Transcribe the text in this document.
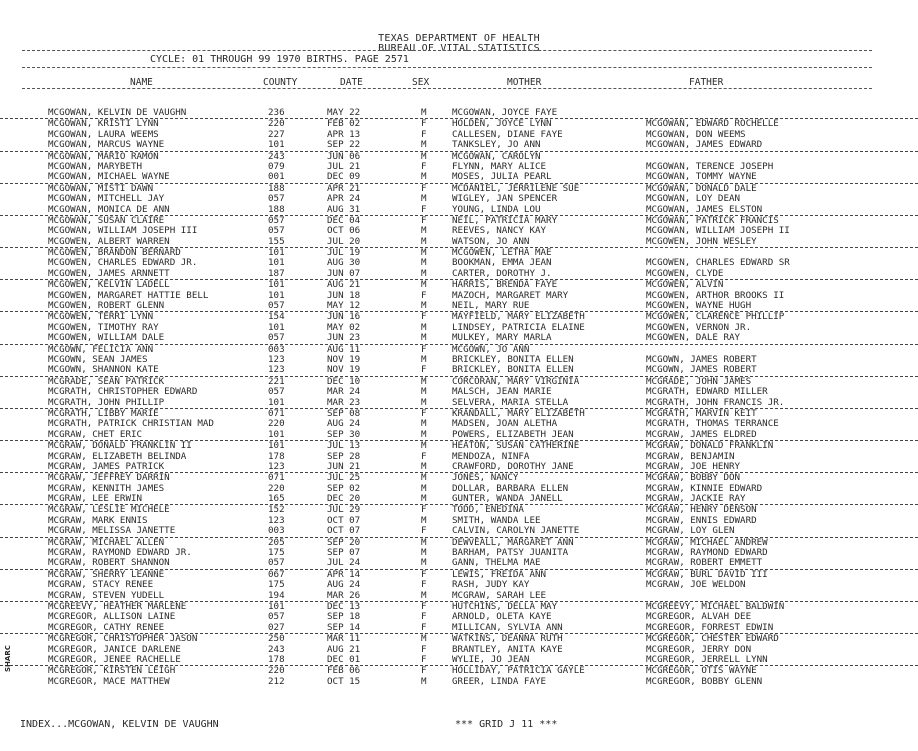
TEXAS DEPARTMENT OF HEALTH
BUREAU OF VITAL STATISTICS
CYCLE: 01 THROUGH 99 1970 BIRTHS. PAGE 2571
NAME	COUNTY	DATE	SEX	MOTHER	FATHER
MCGOWAN, KELVIN DE VAUGHN	236	MAY 22	M	MCGOWAN, JOYCE FAYE
MCGOWAN, KRISTI LYNN	220	FEB 02	F	HOLDEN, JOYCE LYNN	MCGOWAN, EDWARD ROCHELLE
MCGOWAN, LAURA WEEMS	227	APR 13	F	CALLESEN, DIANE FAYE	MCGOWAN, DON WEEMS
MCGOWAN, MARCUS WAYNE	101	SEP 22	M	TANKSLEY, JO ANN	MCGOWAN, JAMES EDWARD
MCGOWAN, MARIO RAMON	243	JUN 06	M	MCGOWAN, CAROLYN
MCGOWAN, MARYBETH	079	JUL 21	F	FLYNN, MARY ALICE	MCGOWAN, TERENCE JOSEPH
MCGOWAN, MICHAEL WAYNE	001	DEC 09	M	MOSES, JULIA PEARL	MCGOWAN, TOMMY WAYNE
MCGOWAN, MISTI DAWN	188	APR 21	F	MCDANIEL, JERRILENE SUE	MCGOWAN, DONALD DALE
MCGOWAN, MITCHELL JAY	057	APR 24	M	WIGLEY, JAN SPENCER	MCGOWAN, LOY DEAN
MCGOWAN, MONICA DE ANN	188	AUG 31	F	YOUNG, LINDA LOU	MCGOWAN, JAMES ELSTON
MCGOWAN, SUSAN CLAIRE	057	DEC 04	F	NEIL, PATRICIA MARY	MCGOWAN, PATRICK FRANCIS
MCGOWAN, WILLIAM JOSEPH III	057	OCT 06	M	REEVES, NANCY KAY	MCGOWAN, WILLIAM JOSEPH II
MCGOWEN, ALBERT WARREN	155	JUL 20	M	WATSON, JO ANN	MCGOWEN, JOHN WESLEY
MCGOWEN, BRANDON BERNARD	101	JUL 19	M	MCGOWEN, LETHA MAE
MCGOWEN, CHARLES EDWARD JR.	101	AUG 30	M	BOOKMAN, EMMA JEAN	MCGOWEN, CHARLES EDWARD SR
MCGOWEN, JAMES ARNNETT	187	JUN 07	M	CARTER, DOROTHY J.	MCGOWEN, CLYDE
MCGOWEN, KELVIN LADELL	101	AUG 21	M	HARRIS, BRENDA FAYE	MCGOWEN, ALVIN
MCGOWEN, MARGARET HATTIE BELL	101	JUN 18	F	MAZOCH, MARGARET MARY	MCGOWEN, ARTHOR BROOKS II
MCGOWEN, ROBERT GLENN	057	MAY 12	M	NEIL, MARY RUE	MCGOWEN, WAYNE HUGH
MCGOWEN, TERRI LYNN	154	JUN 16	F	MAYFIELD, MARY ELIZABETH	MCGOWEN, CLARENCE PHILLIP
MCGOWEN, TIMOTHY RAY	101	MAY 02	M	LINDSEY, PATRICIA ELAINE	MCGOWEN, VERNON JR.
MCGOWEN, WILLIAM DALE	057	JUN 23	M	MULKEY, MARY MARLA	MCGOWEN, DALE RAY
MCGOWN, FELICIA ANN	003	AUG 11	F	MCGOWN, JO ANN
MCGOWN, SEAN JAMES	123	NOV 19	M	BRICKLEY, BONITA ELLEN	MCGOWN, JAMES ROBERT
MCGOWN, SHANNON KATE	123	NOV 19	F	BRICKLEY, BONITA ELLEN	MCGOWN, JAMES ROBERT
MCGRADE, SEAN PATRICK	221	DEC 10	M	CORCORAN, MARY VIRGINIA	MCGRADE, JOHN JAMES
MCGRATH, CHRISTOPHER EDWARD	057	MAR 24	M	MALSCH, JEAN MARIE	MCGRATH, EDWARD MILLER
MCGRATH, JOHN PHILLIP	101	MAR 23	M	SELVERA, MARIA STELLA	MCGRATH, JOHN FRANCIS JR.
MCGRATH, LIBBY MARIE	071	SEP 08	F	KRANDALL, MARY ELIZABETH	MCGRATH, MARVIN KEIT
MCGRATH, PATRICK CHRISTIAN MAD	220	AUG 24	M	MADSEN, JOAN ALETHA	MCGRATH, THOMAS TERRANCE
MCGRAW, CHET ERIC	101	SEP 30	M	POWERS, ELIZABETH JEAN	MCGRAW, JAMES ELDRED
MCGRAW, DONALD FRANKLIN II	101	JUL 13	M	HEATON, SUSAN CATHERINE	MCGRAW, DONALD FRANKLIN
MCGRAW, ELIZABETH BELINDA	178	SEP 28	F	MENDOZA, NINFA	MCGRAW, BENJAMIN
MCGRAW, JAMES PATRICK	123	JUN 21	M	CRAWFORD, DOROTHY JANE	MCGRAW, JOE HENRY
MCGRAW, JEFFREY DARRIN	071	JUL 25	M	JONES, NANCY	MCGRAW, BOBBY DON
MCGRAW, KENNITH JAMES	220	SEP 02	M	DOLLAR, BARBARA ELLEN	MCGRAW, KINNIE EDWARD
MCGRAW, LEE ERWIN	165	DEC 20	M	GUNTER, WANDA JANELL	MCGRAW, JACKIE RAY
MCGRAW, LESLIE MICHELE	152	JUL 29	F	TODD, ENEDINA	MCGRAW, HENRY DENSON
MCGRAW, MARK ENNIS	123	OCT 07	M	SMITH, WANDA LEE	MCGRAW, ENNIS EDWARD
MCGRAW, MELISSA JANETTE	003	OCT 07	F	CALVIN, CAROLYN JANETTE	MCGRAW, LOY GLEN
MCGRAW, MICHAEL ALLEN	205	SEP 20	M	DEWVEALL, MARGARET ANN	MCGRAW, MICHAEL ANDREW
MCGRAW, RAYMOND EDWARD JR.	175	SEP 07	M	BARHAM, PATSY JUANITA	MCGRAW, RAYMOND EDWARD
MCGRAW, ROBERT SHANNON	057	JUL 24	M	GANN, THELMA MAE	MCGRAW, ROBERT EMMETT
MCGRAW, SHERRY LEANNE	067	APR 14	F	LEWIS, FREIDA ANN	MCGRAW, BURL DAVID III
MCGRAW, STACY RENEE	175	AUG 24	F	RASH, JUDY KAY	MCGRAW, JOE WELDON
MCGRAW, STEVEN YUDELL	194	MAR 26	M	MCGRAW, SARAH LEE
MCGREEVY, HEATHER MARLENE	101	DEC 13	F	HUTCHINS, DELLA MAY	MCGREEVY, MICHAEL BALDWIN
MCGREGOR, ALLISON LAINE	057	SEP 18	F	ARNOLD, OLETA KAYE	MCGREGOR, ALVAH DEE
MCGREGOR, CATHY RENEE	027	SEP 14	F	MILLICAN, SYLVIA ANN	MCGREGOR, FORREST EDWIN
MCGREGOR, CHRISTOPHER JASON	250	MAR 11	M	WATKINS, DEANNA RUTH	MCGREGOR, CHESTER EDWARD
MCGREGOR, JANICE DARLENE	243	AUG 21	F	BRANTLEY, ANITA KAYE	MCGREGOR, JERRY DON
MCGREGOR, JENEE RACHELLE	178	DEC 01	F	WYLIE, JO JEAN	MCGREGOR, JERRELL LYNN
MCGREGOR, KIRSTEN LEIGH	220	FEB 06	F	HOLLIDAY, PATRICIA GAYLE	MCGREGOR, OTIS WAYNE
MCGREGOR, MACE MATTHEW	212	OCT 15	M	GREER, LINDA FAYE	MCGREGOR, BOBBY GLENN
INDEX...MCGOWAN, KELVIN DE VAUGHN	*** GRID J 11 ***
SHARC
